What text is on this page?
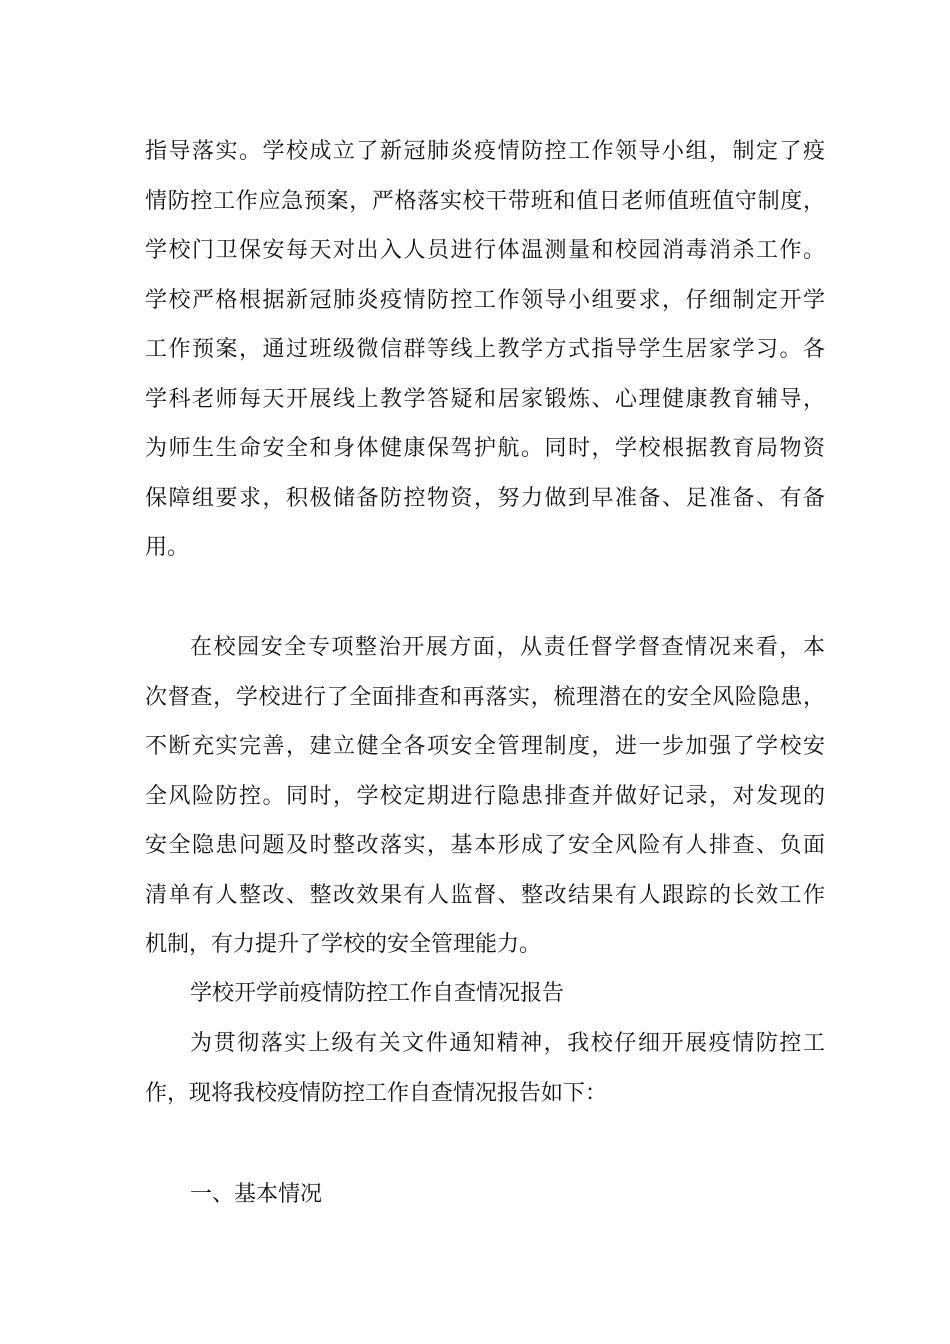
指导落实。学校成立了新冠肺炎疫情防控工作领导小组，制定了疫
情防控工作应急预案，严格落实校干带班和值日老师值班值守制度，
学校门卫保安每天对出入人员进行体温测量和校园消毒消杀工作。
学校严格根据新冠肺炎疫情防控工作领导小组要求，仔细制定开学
工作预案，通过班级微信群等线上教学方式指导学生居家学习。各
学科老师每天开展线上教学答疑和居家锻炼、心理健康教育辅导，
为师生生命安全和身体健康保驾护航。同时，学校根据教育局物资
保障组要求，积极储备防控物资，努力做到早准备、足准备、有备
用。
在校园安全专项整治开展方面，从责任督学督查情况来看，本
次督查，学校进行了全面排查和再落实，梳理潜在的安全风险隐患，
不断充实完善，建立健全各项安全管理制度，进一步加强了学校安
全风险防控。同时，学校定期进行隐患排查并做好记录，对发现的
安全隐患问题及时整改落实，基本形成了安全风险有人排查、负面
清单有人整改、整改效果有人监督、整改结果有人跟踪的长效工作
机制，有力提升了学校的安全管理能力。
学校开学前疫情防控工作自查情况报告
为贯彻落实上级有关文件通知精神，我校仔细开展疫情防控工
作，现将我校疫情防控工作自查情况报告如下：
一、基本情况
